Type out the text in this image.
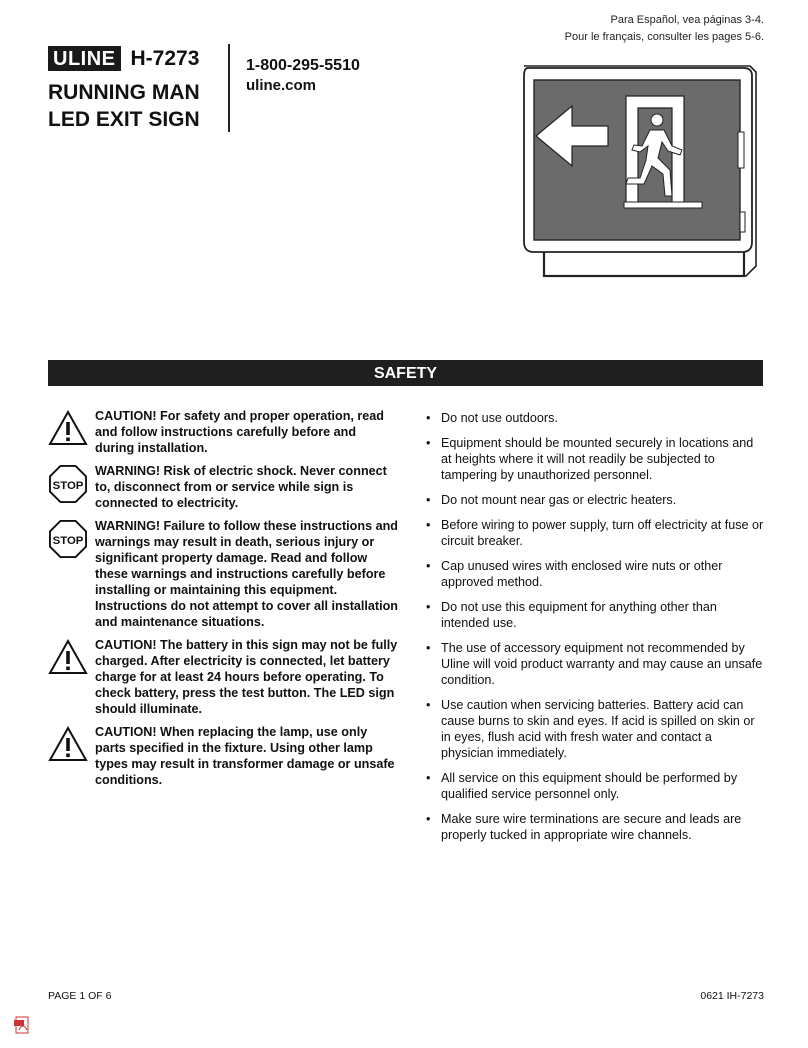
Para Español, vea páginas 3-4.
Pour le français, consulter les pages 5-6.
ULINE H-7273
RUNNING MAN
LED EXIT SIGN
1-800-295-5510
uline.com
SAFETY
CAUTION! For safety and proper operation, read and follow instructions carefully before and during installation.
STOP
WARNING! Risk of electric shock. Never connect to, disconnect from or service while sign is connected to electricity.
STOP
WARNING! Failure to follow these instructions and warnings may result in death, serious injury or significant property damage. Read and follow these warnings and instructions carefully before installing or maintaining this equipment. Instructions do not attempt to cover all installation and maintenance situations.
CAUTION! The battery in this sign may not be fully charged. After electricity is connected, let battery charge for at least 24 hours before operating. To check battery, press the test button. The LED sign should illuminate.
CAUTION! When replacing the lamp, use only parts specified in the fixture. Using other lamp types may result in transformer damage or unsafe conditions.
• Do not use outdoors.
• Equipment should be mounted securely in locations and at heights where it will not readily be subjected to tampering by unauthorized personnel.
• Do not mount near gas or electric heaters.
• Before wiring to power supply, turn off electricity at fuse or circuit breaker.
• Cap unused wires with enclosed wire nuts or other approved method.
• Do not use this equipment for anything other than intended use.
• The use of accessory equipment not recommended by Uline will void product warranty and may cause an unsafe condition.
• Use caution when servicing batteries. Battery acid can cause burns to skin and eyes. If acid is spilled on skin or in eyes, flush acid with fresh water and contact a physician immediately.
• All service on this equipment should be performed by qualified service personnel only.
• Make sure wire terminations are secure and leads are properly tucked in appropriate wire channels.
PAGE 1 OF 6	0621 IH-7273
